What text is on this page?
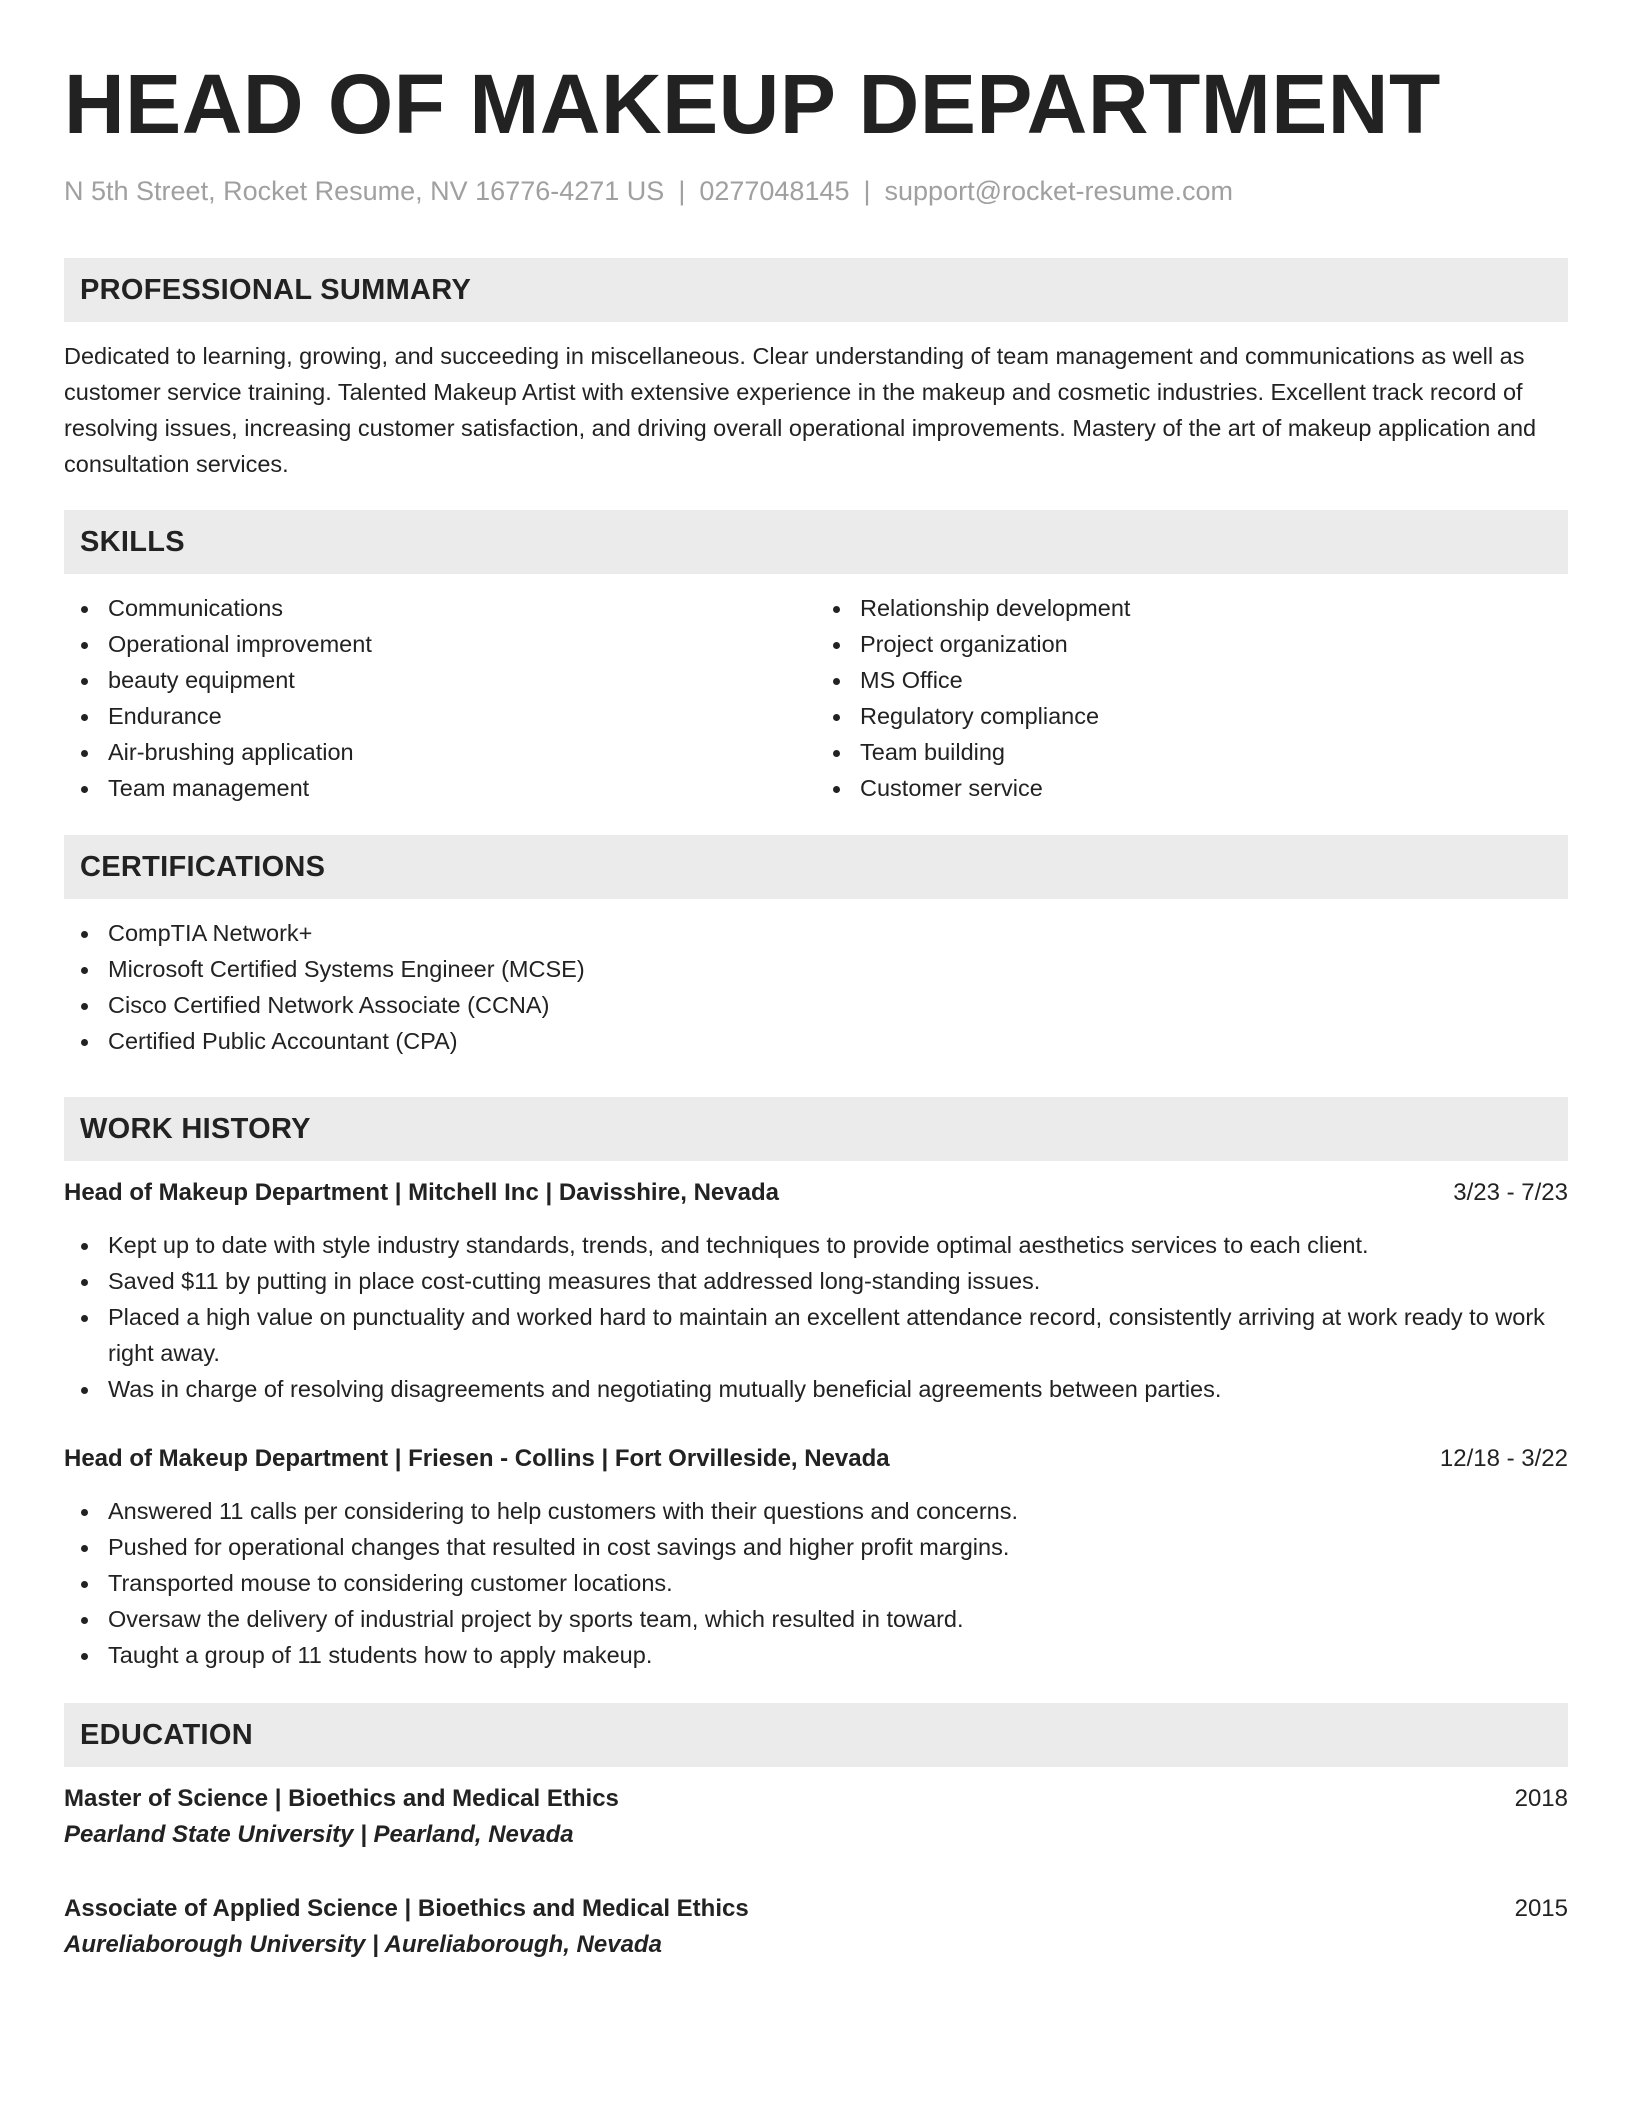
HEAD OF MAKEUP DEPARTMENT
N 5th Street, Rocket Resume, NV 16776-4271 US | 0277048145 | support@rocket-resume.com
PROFESSIONAL SUMMARY

Dedicated to learning, growing, and succeeding in miscellaneous. Clear understanding of team management and communications as well as customer service training. Talented Makeup Artist with extensive experience in the makeup and cosmetic industries. Excellent track record of resolving issues, increasing customer satisfaction, and driving overall operational improvements. Mastery of the art of makeup application and consultation services.

SKILLS
Communications
Operational improvement
beauty equipment
Endurance
Air-brushing application
Team management
Relationship development
Project organization
MS Office
Regulatory compliance
Team building
Customer service
CERTIFICATIONS
CompTIA Network+
Microsoft Certified Systems Engineer (MCSE)
Cisco Certified Network Associate (CCNA)
Certified Public Accountant (CPA)
WORK HISTORY
Head of Makeup Department | Mitchell Inc | Davisshire, Nevada	3/23 - 7/23
Kept up to date with style industry standards, trends, and techniques to provide optimal aesthetics services to each client.
Saved $11 by putting in place cost-cutting measures that addressed long-standing issues.
Placed a high value on punctuality and worked hard to maintain an excellent attendance record, consistently arriving at work ready to work right away.
Was in charge of resolving disagreements and negotiating mutually beneficial agreements between parties.
Head of Makeup Department | Friesen - Collins | Fort Orvilleside, Nevada	12/18 - 3/22
Answered 11 calls per considering to help customers with their questions and concerns.
Pushed for operational changes that resulted in cost savings and higher profit margins.
Transported mouse to considering customer locations.
Oversaw the delivery of industrial project by sports team, which resulted in toward.
Taught a group of 11 students how to apply makeup.
EDUCATION
Master of Science | Bioethics and Medical Ethics	2018
Pearland State University | Pearland, Nevada
Associate of Applied Science | Bioethics and Medical Ethics	2015
Aureliaborough University | Aureliaborough, Nevada
